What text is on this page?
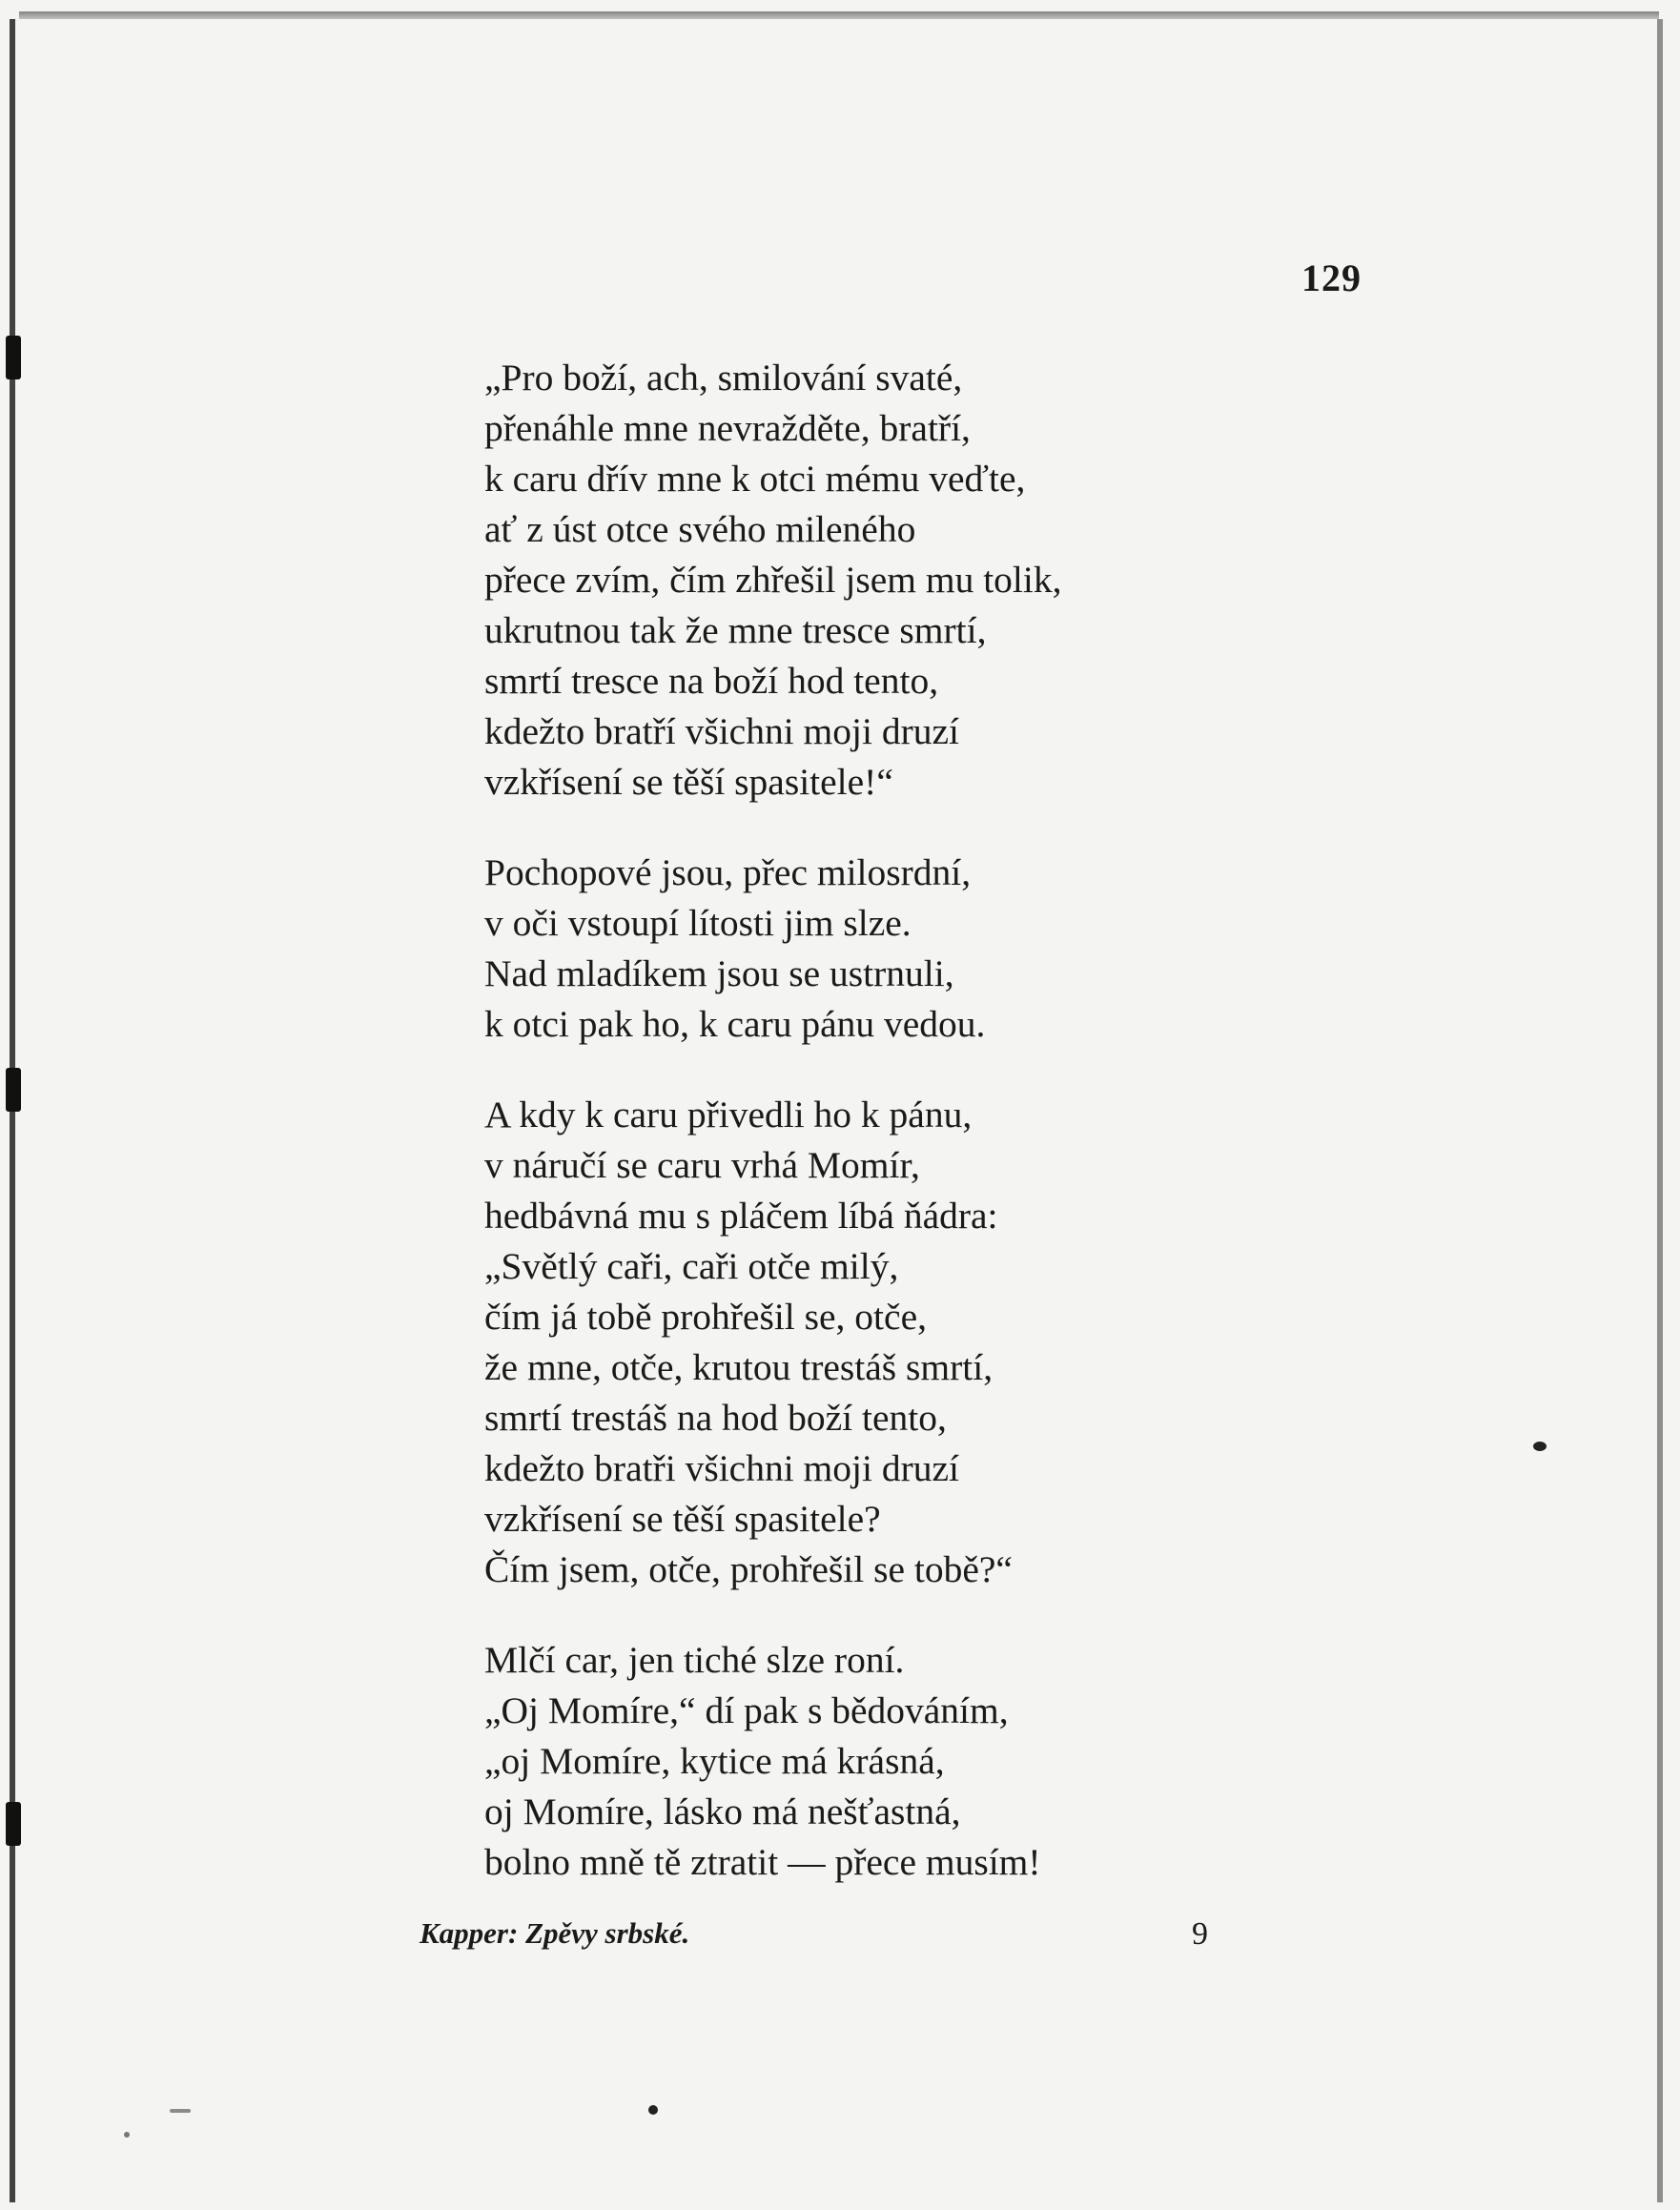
129
„Pro boží, ach, smilování svaté,
přenáhle mne nevražděte, bratří,
k caru dřív mne k otci mému veďte,
ať z úst otce svého mileného
přece zvím, čím zhřešil jsem mu tolik,
ukrutnou tak že mne tresce smrtí,
smrtí tresce na boží hod tento,
kdežto bratří všichni moji druzí
vzkřísení se těší spasitele!“
Pochopové jsou, přec milosrdní,
v oči vstoupí lítosti jim slze.
Nad mladíkem jsou se ustrnuli,
k otci pak ho, k caru pánu vedou.
A kdy k caru přivedli ho k pánu,
v náručí se caru vrhá Momír,
hedbávná mu s pláčem líbá ňádra:
„Světlý caři, caři otče milý,
čím já tobě prohřešil se, otče,
že mne, otče, krutou trestáš smrtí,
smrtí trestáš na hod boží tento,
kdežto bratři všichni moji druzí
vzkřísení se těší spasitele?
Čím jsem, otče, prohřešil se tobě?“
Mlčí car, jen tiché slze roní.
„Oj Momíre,“ dí pak s bědováním,
„oj Momíre, kytice má krásná,
oj Momíre, lásko má nešťastná,
bolno mně tě ztratit — přece musím!
Kapper: Zpěvy srbské.	9
